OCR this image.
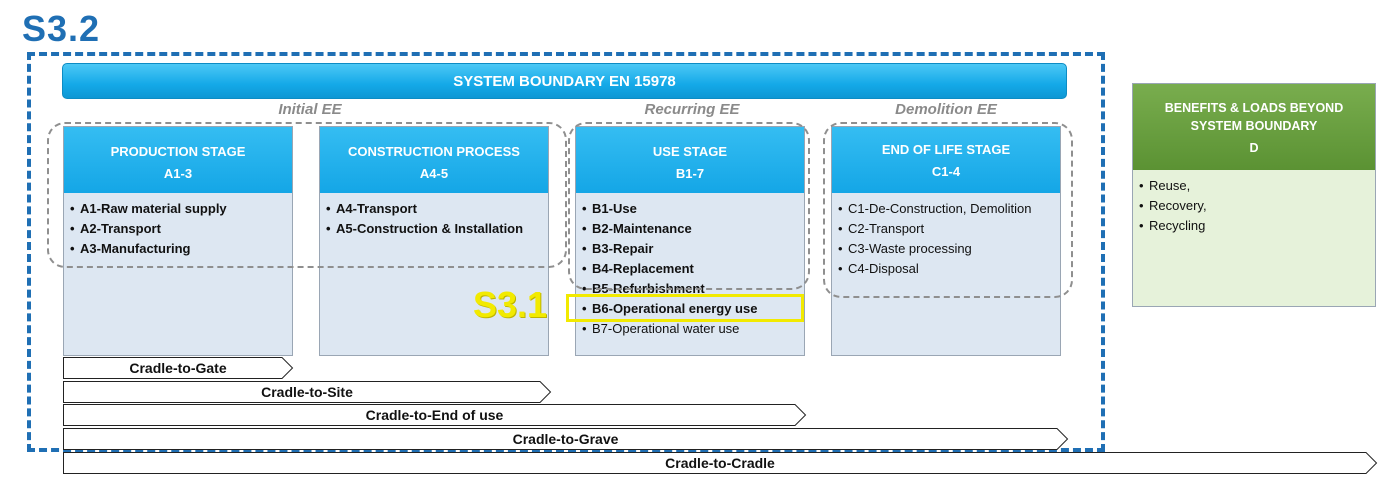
S3.2
SYSTEM BOUNDARY EN 15978
Initial EE	Recurring EE	Demolition EE
PRODUCTION STAGE
A1-3
• A1-Raw material supply
• A2-Transport
• A3-Manufacturing
CONSTRUCTION PROCESS
A4-5
• A4-Transport
• A5-Construction & Installation
USE STAGE
B1-7
• B1-Use
• B2-Maintenance
• B3-Repair
• B4-Replacement
• B5-Refurbishment
• B6-Operational energy use
• B7-Operational water use
END OF LIFE STAGE
C1-4
• C1-De-Construction, Demolition
• C2-Transport
• C3-Waste processing
• C4-Disposal
S3.1
BENEFITS & LOADS BEYOND
SYSTEM BOUNDARY
D
• Reuse,
• Recovery,
• Recycling
Cradle-to-Gate
Cradle-to-Site
Cradle-to-End of use
Cradle-to-Grave
Cradle-to-Cradle
